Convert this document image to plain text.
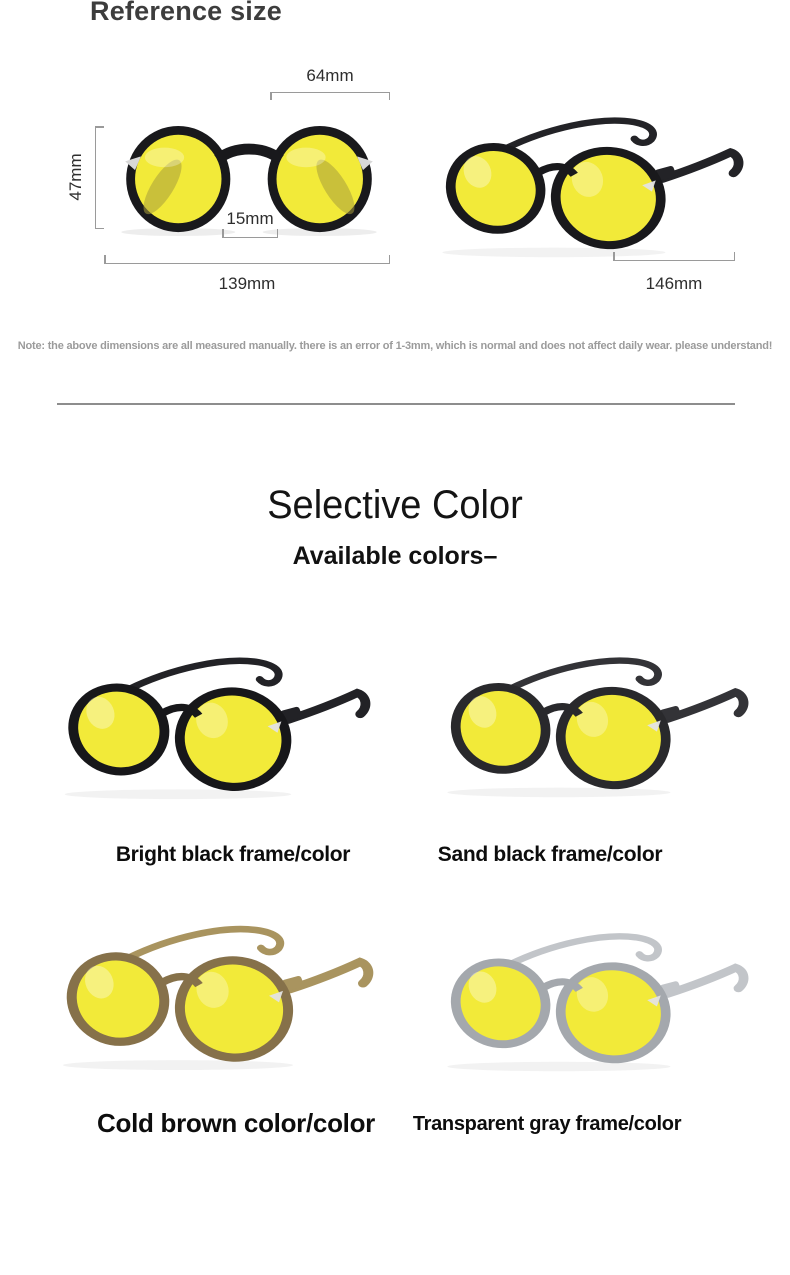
Reference size
64mm
47mm
15mm
139mm	146mm
Note: the above dimensions are all measured manually. there is an error of 1-3mm, which is normal and does not affect daily wear. please understand!
Selective Color
Available colors–
Bright black frame/color	Sand black frame/color
Cold brown color/color	Transparent gray frame/color
